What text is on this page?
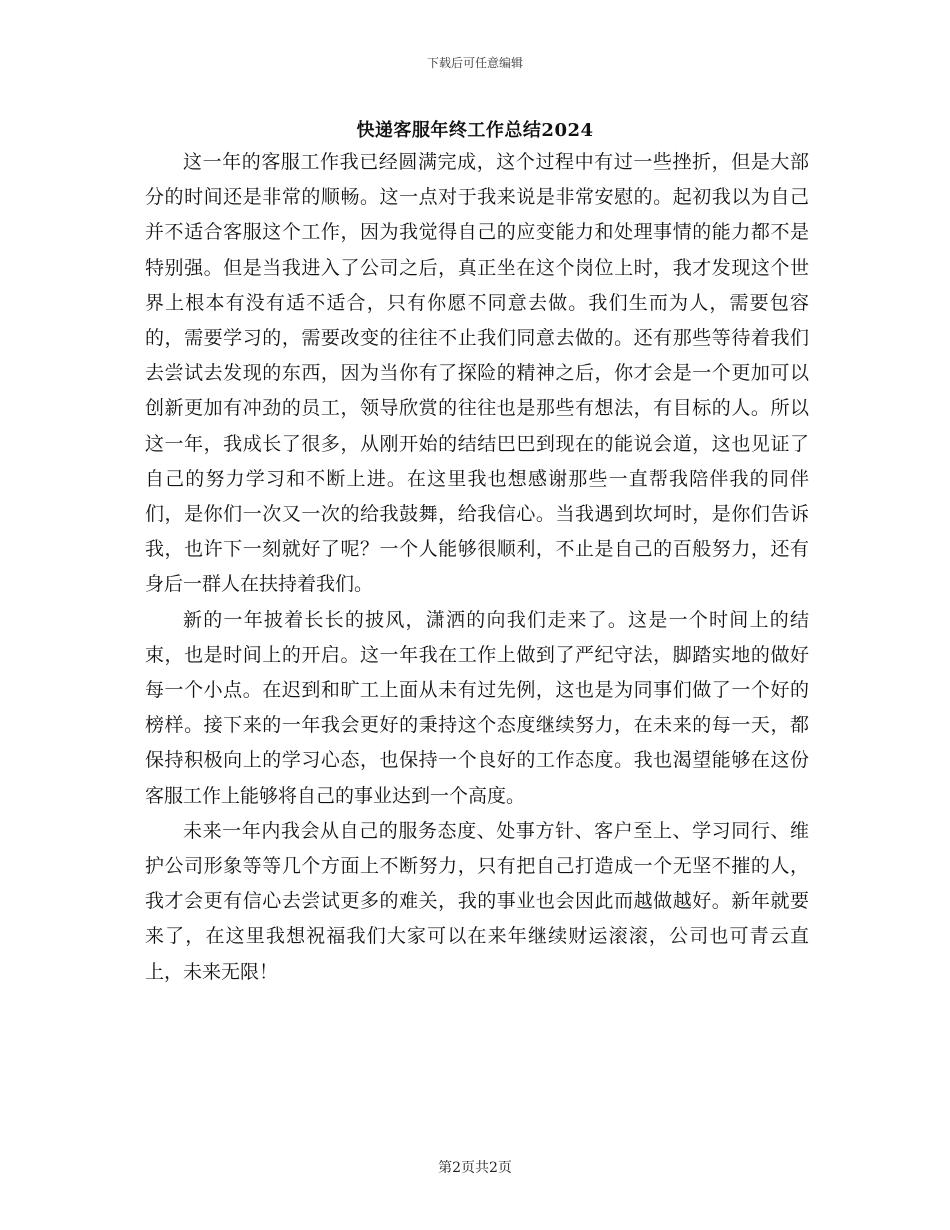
下载后可任意编辑
快递客服年终工作总结2024

这一年的客服工作我已经圆满完成，这个过程中有过一些挫折，但是大部分的时间还是非常的顺畅。这一点对于我来说是非常安慰的。起初我以为自己并不适合客服这个工作，因为我觉得自己的应变能力和处理事情的能力都不是特别强。但是当我进入了公司之后，真正坐在这个岗位上时，我才发现这个世界上根本有没有适不适合，只有你愿不同意去做。我们生而为人，需要包容的，需要学习的，需要改变的往往不止我们同意去做的。还有那些等待着我们去尝试去发现的东西，因为当你有了探险的精神之后，你才会是一个更加可以创新更加有冲劲的员工，领导欣赏的往往也是那些有想法，有目标的人。所以这一年，我成长了很多，从刚开始的结结巴巴到现在的能说会道，这也见证了自己的努力学习和不断上进。在这里我也想感谢那些一直帮我陪伴我的同伴们，是你们一次又一次的给我鼓舞，给我信心。当我遇到坎坷时，是你们告诉我，也许下一刻就好了呢？一个人能够很顺利，不止是自己的百般努力，还有身后一群人在扶持着我们。

新的一年披着长长的披风，潇洒的向我们走来了。这是一个时间上的结束，也是时间上的开启。这一年我在工作上做到了严纪守法，脚踏实地的做好每一个小点。在迟到和旷工上面从未有过先例，这也是为同事们做了一个好的榜样。接下来的一年我会更好的秉持这个态度继续努力，在未来的每一天，都保持积极向上的学习心态，也保持一个良好的工作态度。我也渴望能够在这份客服工作上能够将自己的事业达到一个高度。

未来一年内我会从自己的服务态度、处事方针、客户至上、学习同行、维护公司形象等等几个方面上不断努力，只有把自己打造成一个无坚不摧的人，我才会更有信心去尝试更多的难关，我的事业也会因此而越做越好。新年就要来了，在这里我想祝福我们大家可以在来年继续财运滚滚，公司也可青云直上，未来无限！

第2页共2页
